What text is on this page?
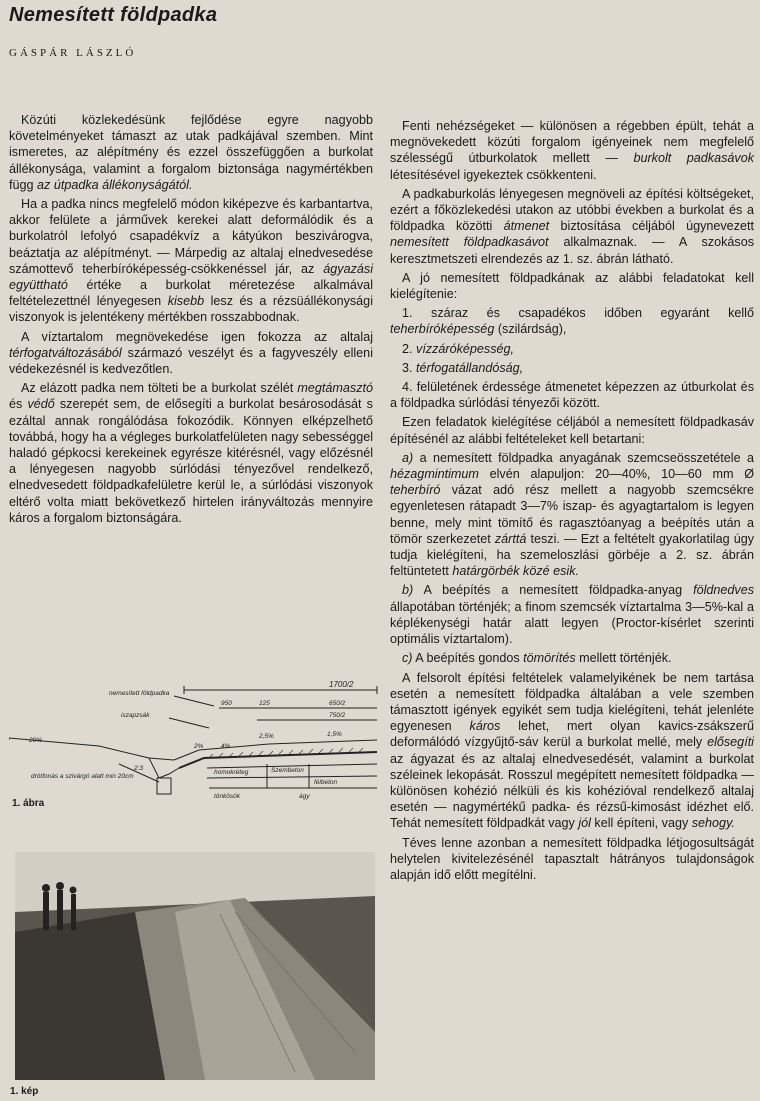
Nemesített földpadka

GÁSPÁR LÁSZLÓ

Közúti közlekedésünk fejlődése egyre nagyobb követelményeket támaszt az utak padkájával szemben. Mint ismeretes, az alépítmény és ezzel összefüggően a burkolat állékonysága, valamint a forgalom biztonsága nagymértékben függ az útpadka állékonyságától.

Ha a padka nincs megfelelő módon kiképezve és karbantartva, akkor felülete a járművek kerekei alatt deformálódik és a burkolatról lefolyó csapadékvíz a kátyúkon beszivárogva, beáztatja az alépítményt. — Márpedig az altalaj elnedvesedése számottevő teherbíróképesség-csökkenéssel jár, az ágyazási együttható értéke a burkolat méretezése alkalmával feltételezettnél lényegesen kisebb lesz és a rézsüállékonysági viszonyok is jelentékeny mértékben rosszabbodnak.

A víztartalom megnövekedése igen fokozza az altalaj térfogatváltozásából származó veszélyt és a fagyveszély elleni védekezésnél is kedvezőtlen.

Az elázott padka nem tölteti be a burkolat szélét megtámasztó és védő szerepét sem, de elősegíti a burkolat besárosodását s ezáltal annak rongálódása fokozódik. Könnyen elképzelhető továbbá, hogy ha a végleges burkolatfelületen nagy sebességgel haladó gépkocsi kerekeinek egyrésze kitérésnél, vagy előzésnél a lényegesen nagyobb súrlódási tényezővel rendelkező, elnedvesedett földpadkafelületre kerül le, a súrlódási viszonyok eltérő volta miatt bekövetkező hirtelen irányváltozás mennyire káros a forgalom biztonságára.

Fenti nehézségeket — különösen a régebben épült, tehát a megnövekedett közúti forgalom igényeinek nem megfelelő szélességű útburkolatok mellett — burkolt padkasávok létesítésével igyekeztek csökkenteni.

A padkaburkolás lényegesen megnöveli az építési költségeket, ezért a főközlekedési utakon az utóbbi években a burkolat és a földpadka közötti átmenet biztosítása céljából úgynevezett nemesített földpadkasávot alkalmaznak. — A szokásos keresztmetszeti elrendezés az 1. sz. ábrán látható.

A jó nemesített földpadkának az alábbi feladatokat kell kielégítenie:

1. száraz és csapadékos időben egyaránt kellő teherbíróképesség (szilárdság),

2. vízzáróképesség,

3. térfogatállandóság,

4. felületének érdessége átmenetet képezzen az útburkolat és a földpadka súrlódási tényezői között.

Ezen feladatok kielégítése céljából a nemesített földpadkasáv építésénél az alábbi feltételeket kell betartani:

a) a nemesített földpadka anyagának szemcseösszetétele a hézagmintimum elvén alapuljon: 20—40%, 10—60 mm Ø teherbíró vázat adó rész mellett a nagyobb szemcsékre egyenletesen rátapadt 3—7% iszap- és agyagtartalom is legyen benne, mely mint tömítő és ragasztóanyag a beépítés után a tömör szerkezetet zárttá teszi. — Ezt a feltételt gyakorlatilag úgy tudja kielégíteni, ha szemeloszlási görbéje a 2. sz. ábrán feltüntetett határgörbék közé esik.

b) A beépítés a nemesített földpadka-anyag földnedves állapotában történjék; a finom szemcsék víztartalma 3—5%-kal a képlékenységi határ alatt legyen (Proctor-kísérlet szerinti optimális víztartalom).

c) A beépítés gondos tömörítés mellett történjék.

A felsorolt építési feltételek valamelyikének be nem tartása esetén a nemesített földpadka általában a vele szemben támasztott igények egyikét sem tudja kielégíteni, tehát jelenléte egyenesen káros lehet, mert olyan kavics-zsákszerű deformálódó vízgyűjtő-sáv kerül a burkolat mellé, mely elősegíti az ágyazat és az altalaj elnedvesedését, valamint a burkolat széleinek lekopását. Rosszul megépített nemesített földpadka — különösen kohézió nélküli és kis kohézióval rendelkező altalaj esetén — nagymértékű padka- és rézsű-kimosást idézhet elő. Tehát nemesített földpadkát vagy jól kell építeni, vagy sehogy.

Téves lenne azonban a nemesített földpadka létjogosultságát helytelen kivitelezésénél tapasztalt hátrányos tulajdonságok alapján idő előtt megítélni.

1700/2
nemesített földpadka
iszapzsák
950	125	650/2
750/2
4%
2,5%	1,5%
2%
20%
2:3
drótfonás a szivárgó alatt min 20cm
homokréteg	Szembeton
félbeton
tönkösök	ágy
1. ábra
1. kép
